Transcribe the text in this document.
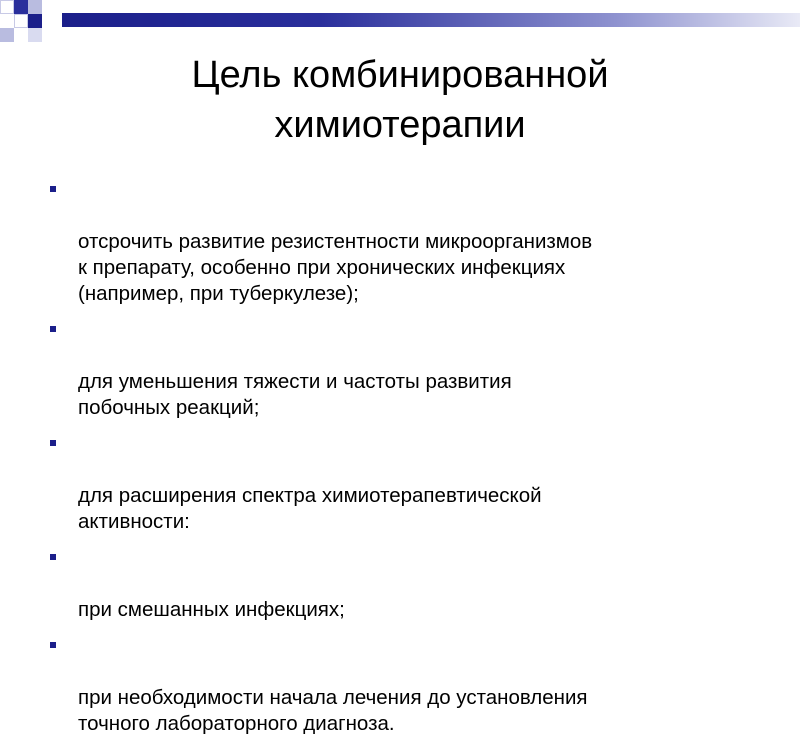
Цель комбинированной
химиотерапии

отсрочить развитие резистентности микроорганизмов
к препарату, особенно при хронических инфекциях
(например, при туберкулезе);

для уменьшения тяжести и частоты развития
побочных реакций;

для расширения спектра химиотерапевтической
активности:

при смешанных инфекциях;

при необходимости начала лечения до установления
точного лабораторного диагноза.
